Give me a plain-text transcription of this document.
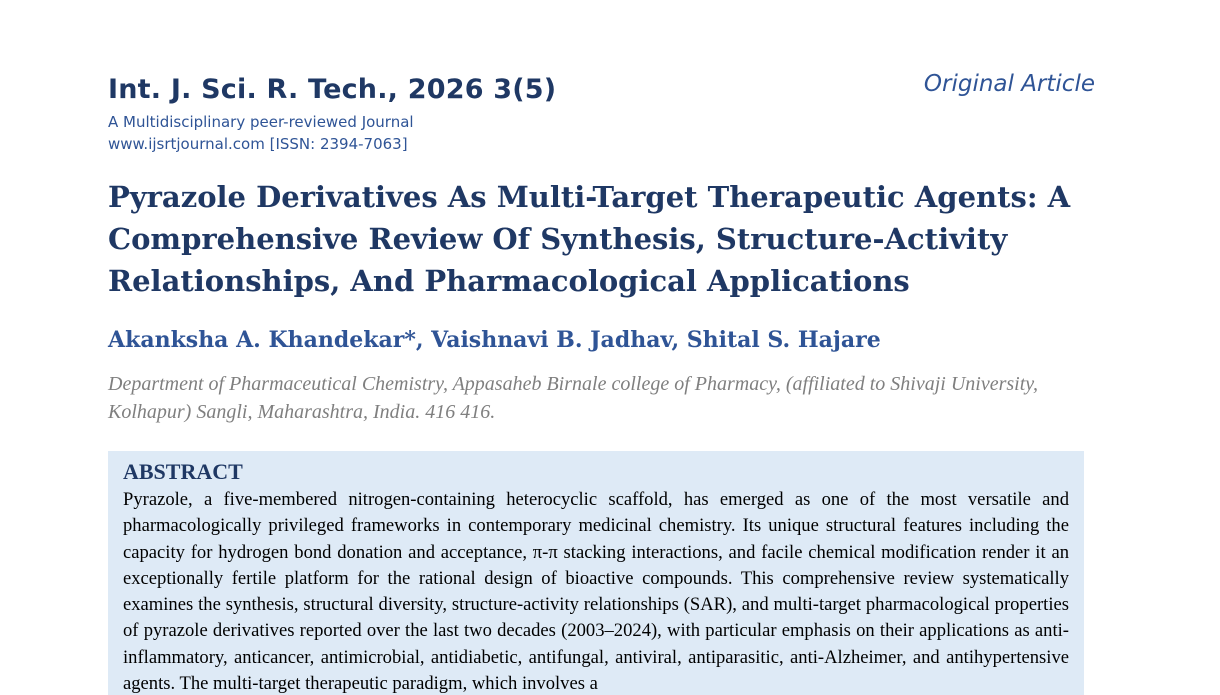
Int. J. Sci. R. Tech., 2026 3(5)	Original Article
A Multidisciplinary peer-reviewed Journal
www.ijsrtjournal.com [ISSN: 2394-7063]
Pyrazole Derivatives As Multi-Target Therapeutic Agents: A Comprehensive Review Of Synthesis, Structure-Activity Relationships, And Pharmacological Applications
Akanksha A. Khandekar*, Vaishnavi B. Jadhav, Shital S. Hajare
Department of Pharmaceutical Chemistry, Appasaheb Birnale college of Pharmacy, (affiliated to Shivaji University, Kolhapur) Sangli, Maharashtra, India. 416 416.
ABSTRACT

Pyrazole, a five-membered nitrogen-containing heterocyclic scaffold, has emerged as one of the most versatile and pharmacologically privileged frameworks in contemporary medicinal chemistry. Its unique structural features including the capacity for hydrogen bond donation and acceptance, π-π stacking interactions, and facile chemical modification render it an exceptionally fertile platform for the rational design of bioactive compounds. This comprehensive review systematically examines the synthesis, structural diversity, structure-activity relationships (SAR), and multi-target pharmacological properties of pyrazole derivatives reported over the last two decades (2003–2024), with particular emphasis on their applications as anti-inflammatory, anticancer, antimicrobial, antidiabetic, antifungal, antiviral, antiparasitic, anti-Alzheimer, and antihypertensive agents. The multi-target therapeutic paradigm, which involves a
